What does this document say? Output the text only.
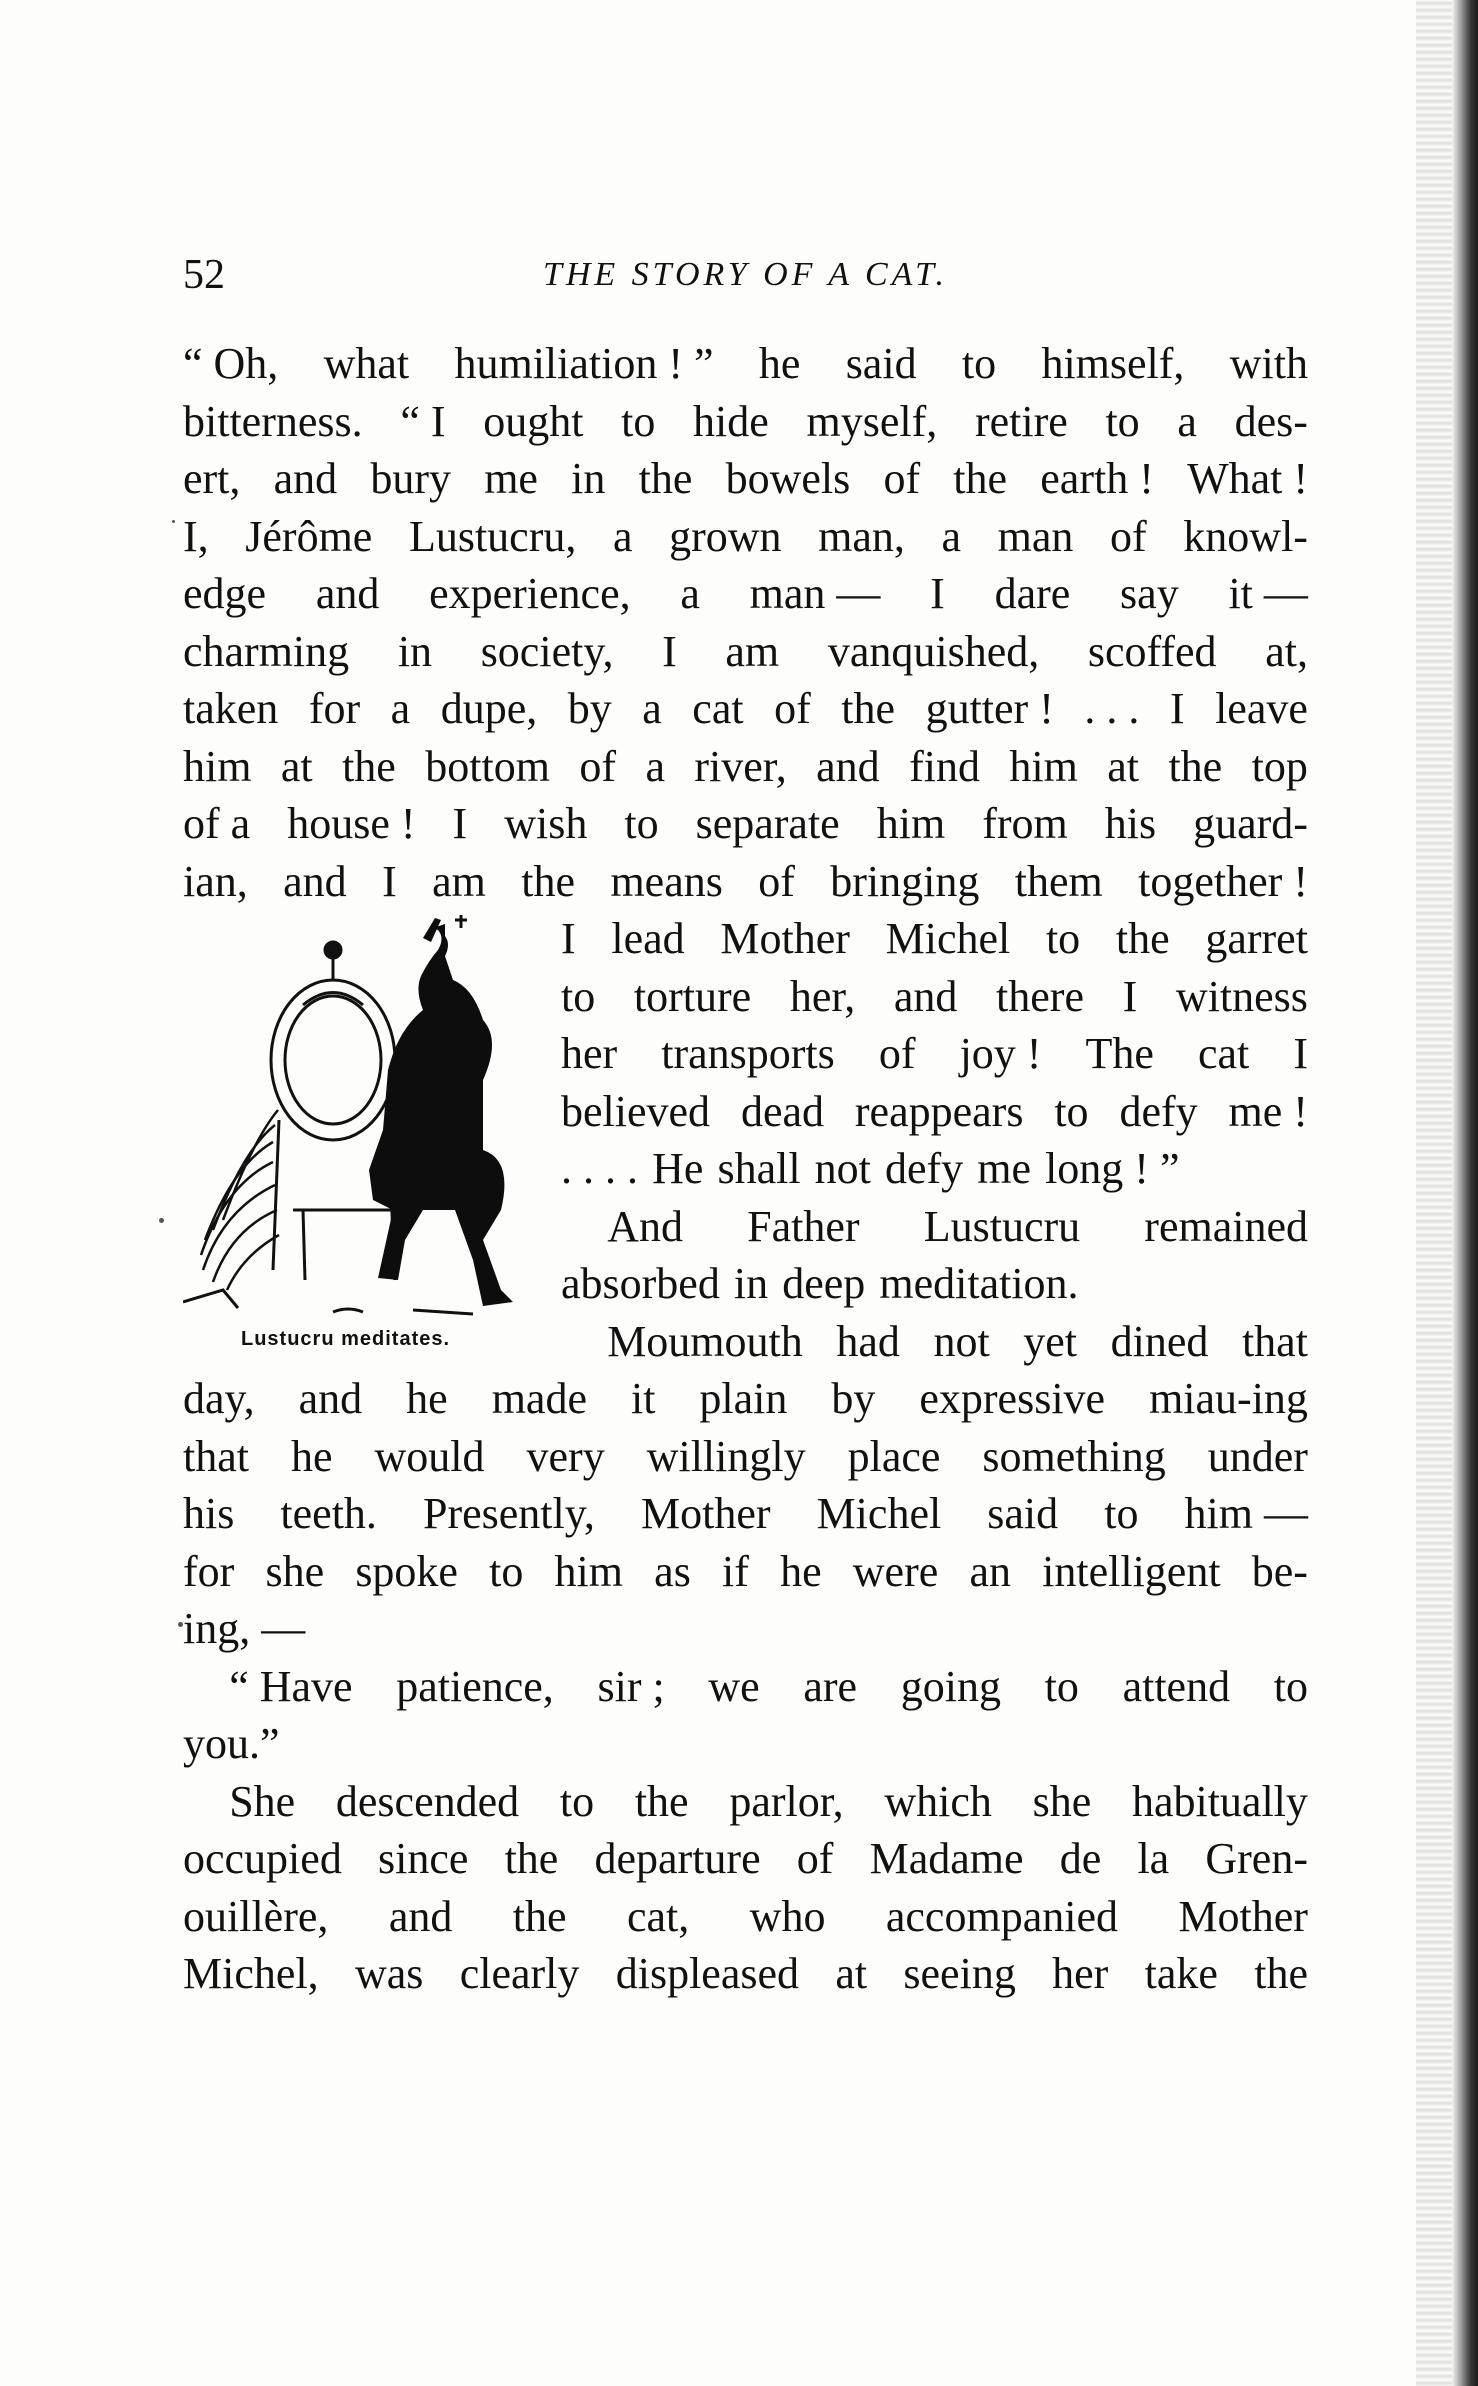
52	THE STORY OF A CAT.
“ Oh, what humiliation ! ” he said to himself, with
bitterness. “ I ought to hide myself, retire to a des-
ert, and bury me in the bowels of the earth ! What !
I, Jérôme Lustucru, a grown man, a man of knowl-
edge and experience, a man — I dare say it —
charming in society, I am vanquished, scoffed at,
taken for a dupe, by a cat of the gutter ! . . . I leave
him at the bottom of a river, and find him at the top
of a house ! I wish to separate him from his guard-
ian, and I am the means of bringing them together !
Lustucru meditates.
I lead Mother Michel to the garret
to torture her, and there I witness
her transports of joy ! The cat I
believed dead reappears to defy me !
. . . . He shall not defy me long ! ”
And Father Lustucru remained
absorbed in deep meditation.
Moumouth had not yet dined that
day, and he made it plain by expressive miau-ing
that he would very willingly place something under
his teeth. Presently, Mother Michel said to him —
for she spoke to him as if he were an intelligent be-
ing, —
“ Have patience, sir ; we are going to attend to
you.”
She descended to the parlor, which she habitually
occupied since the departure of Madame de la Gren-
ouillère, and the cat, who accompanied Mother
Michel, was clearly displeased at seeing her take the
